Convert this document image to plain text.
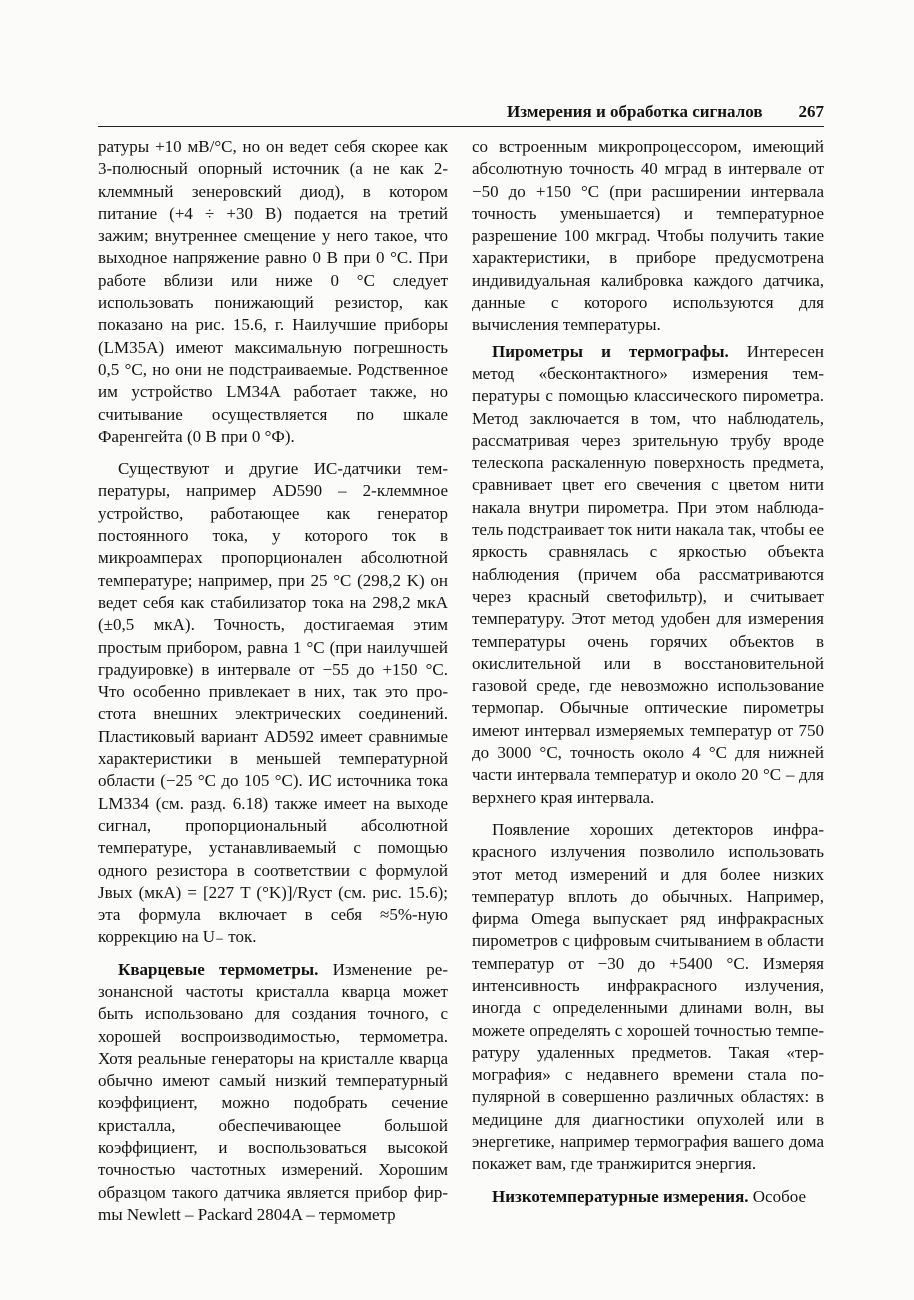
Измерения и обработка сигналов 267

ратуры +10 мВ/°C, но он ведет себя скорее как 3-полюсный опорный источник (а не как 2-клеммный зенеровский диод), в котором питание (+4 ÷ +30 В) подается на третий зажим; внутреннее смещение у него такое, что выходное напряжение равно 0 В при 0 °C. При работе вблизи или ниже 0 °C следует использовать понижающий резистор, как показано на рис. 15.6, г. Наилучшие приборы (LM35A) имеют максимальную погрешность 0,5 °C, но они не подстраиваемые. Родственное им устройство LM34A работает также, но считывание осуществляется по шкале Фаренгейта (0 В при 0 °Ф).

Существуют и другие ИС-датчики температуры, например AD590 – 2-клеммное устройство, работающее как генератор постоянного тока, у которого ток в микроамперах пропорционален абсолютной температуре; например, при 25 °C (298,2 K) он ведет себя как стабилизатор тока на 298,2 мкА (±0,5 мкА). Точность, достигаемая этим простым прибором, равна 1 °C (при наилучшей градуировке) в интервале от −55 до +150 °C. Что особенно привлекает в них, так это простота внешних электрических соединений. Пластиковый вариант AD592 имеет сравнимые характеристики в меньшей температурной области (−25 °C до 105 °C). ИС источника тока LM334 (см. разд. 6.18) также имеет на выходе сигнал, пропорциональный абсолютной температуре, устанавливаемый с помощью одного резистора в соответствии с формулой Jвых (мкА) = [227 T (°K)]/Rуст (см. рис. 15.6); эта формула включает в себя ≈5%-ную коррекцию на U₋ ток.

Кварцевые термометры. Изменение резонансной частоты кристалла кварца может быть использовано для создания точного, с хорошей воспроизводимостью, термометра. Хотя реальные генераторы на кристалле кварца обычно имеют самый низкий температурный коэффициент, можно подобрать сечение кристалла, обеспечивающее большой коэффициент, и воспользоваться высокой точностью частотных измерений. Хорошим образцом такого датчика является прибор фирmы Newlett – Packard 2804A – термометр

со встроенным микропроцессором, имеющий абсолютную точность 40 мград в интервале от −50 до +150 °C (при расширении интервала точность уменьшается) и температурное разрешение 100 мкград. Чтобы получить такие характеристики, в приборе предусмотрена индивидуальная калибровка каждого датчика, данные с которого используются для вычисления температуры.

Пирометры и термографы. Интересен метод «бесконтактного» измерения температуры с помощью классического пирометра. Метод заключается в том, что наблюдатель, рассматривая через зрительную трубу вроде телескопа раскаленную поверхность предмета, сравнивает цвет его свечения с цветом нити накала внутри пирометра. При этом наблюдатель подстраивает ток нити накала так, чтобы ее яркость сравнялась с яркостью объекта наблюдения (причем оба рассматриваются через красный светофильтр), и считывает температуру. Этот метод удобен для измерения температуры очень горячих объектов в окислительной или в восстановительной газовой среде, где невозможно использование термопар. Обычные оптические пирометры имеют интервал измеряемых температур от 750 до 3000 °C, точность около 4 °C для нижней части интервала температур и около 20 °C – для верхнего края интервала.

Появление хороших детекторов инфракрасного излучения позволило использовать этот метод измерений и для более низких температур вплоть до обычных. Например, фирма Omega выпускает ряд инфракрасных пирометров с цифровым считыванием в области температур от −30 до +5400 °C. Измеряя интенсивность инфракрасного излучения, иногда с определенными длинами волн, вы можете определять с хорошей точностью температуру удаленных предметов. Такая «термография» с недавнего времени стала популярной в совершенно различных областях: в медицине для диагностики опухолей или в энергетике, например термография вашего дома покажет вам, где транжирится энергия.

Низкотемпературные измерения. Особое
